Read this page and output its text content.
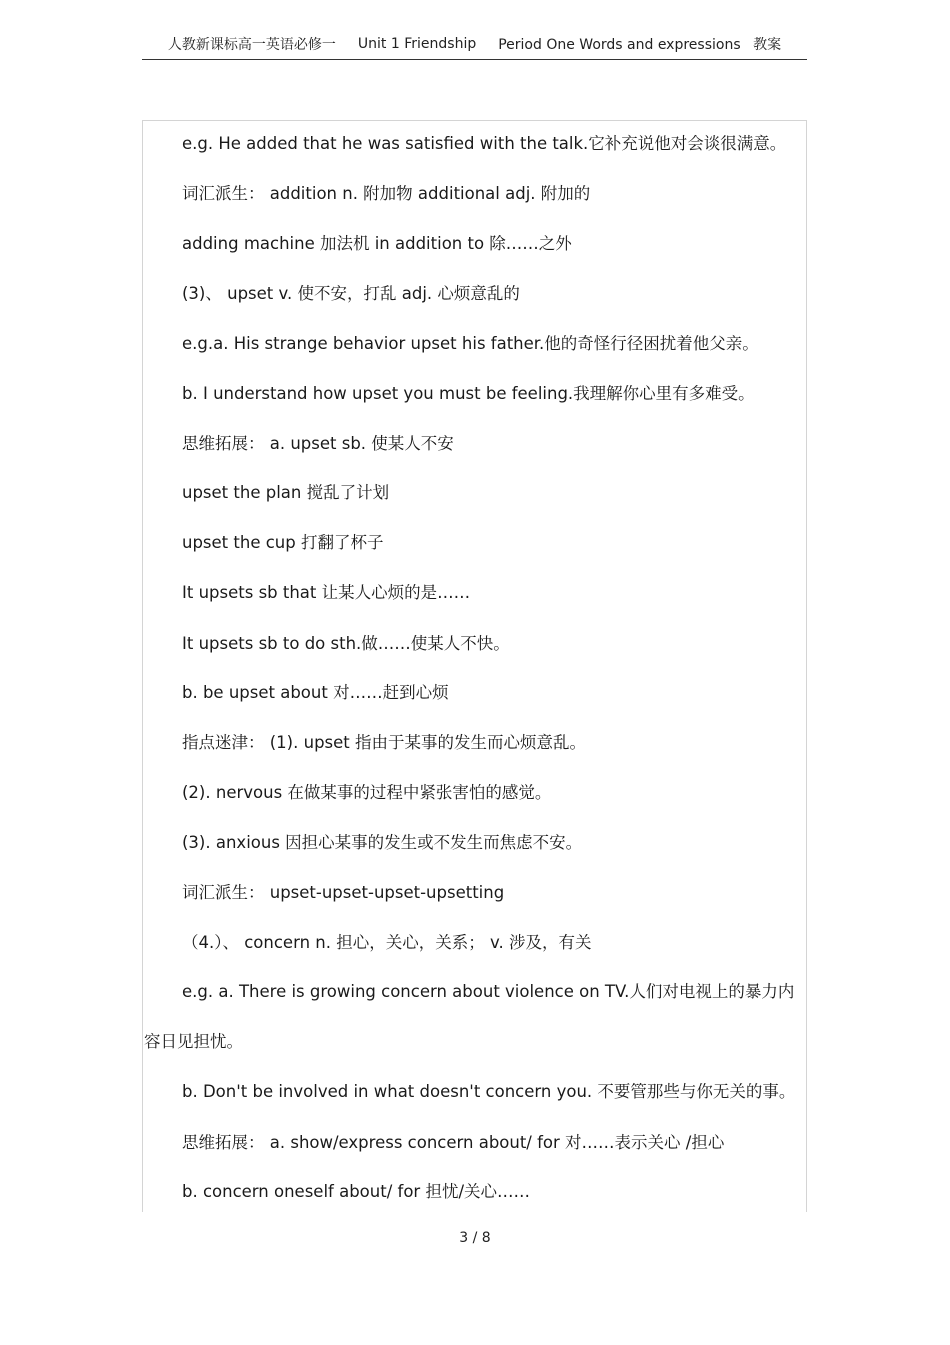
人教新课标高一英语必修一 Unit 1 Friendship Period One Words and expressions 教案
e.g. He added that he was satisfied with the talk.它补充说他对会谈很满意。
词汇派生： addition n. 附加物 additional adj. 附加的
adding machine 加法机 in addition to 除……之外
(3)、 upset v. 使不安，打乱 adj. 心烦意乱的
e.g.a. His strange behavior upset his father.他的奇怪行径困扰着他父亲。
b. I understand how upset you must be feeling.我理解你心里有多难受。
思维拓展： a. upset sb. 使某人不安
upset the plan 搅乱了计划
upset the cup 打翻了杯子
It upsets sb that 让某人心烦的是……
It upsets sb to do sth.做……使某人不快。
b. be upset about 对……赶到心烦
指点迷津： (1). upset 指由于某事的发生而心烦意乱。
(2). nervous 在做某事的过程中紧张害怕的感觉。
(3). anxious 因担心某事的发生或不发生而焦虑不安。
词汇派生： upset-upset-upset-upsetting
（4.）、 concern n. 担心，关心，关系； v. 涉及，有关
e.g. a. There is growing concern about violence on TV.人们对电视上的暴力内
容日见担忧。
b. Don't be involved in what doesn't concern you. 不要管那些与你无关的事。
思维拓展： a. show/express concern about/ for 对……表示关心 /担心
b. concern oneself about/ for 担忧/关心……
3 / 8
